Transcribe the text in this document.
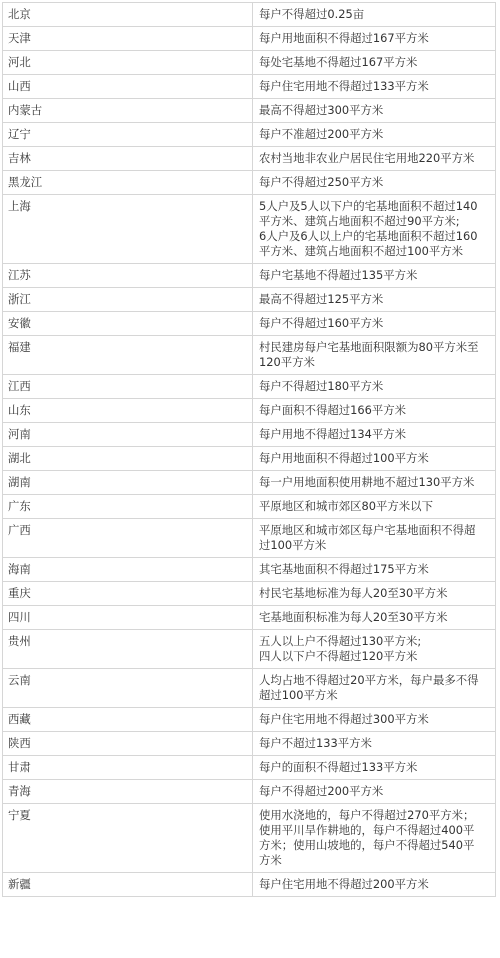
北京	每户不得超过0.25亩

天津	每户用地面积不得超过167平方米

河北	每处宅基地不得超过167平方米

山西	每户住宅用地不得超过133平方米

内蒙古	最高不得超过300平方米

辽宁	每户不准超过200平方米

吉林	农村当地非农业户居民住宅用地220平方米

黑龙江	每户不得超过250平方米

上海	5人户及5人以下户的宅基地面积不超过140
平方米、建筑占地面积不超过90平方米;
6人户及6人以上户的宅基地面积不超过160
平方米、建筑占地面积不超过100平方米

江苏	每户宅基地不得超过135平方米

浙江	最高不得超过125平方米

安徽	每户不得超过160平方米

福建	村民建房每户宅基地面积限额为80平方米至
120平方米

江西	每户不得超过180平方米

山东	每户面积不得超过166平方米

河南	每户用地不得超过134平方米

湖北	每户用地面积不得超过100平方米

湖南	每一户用地面积使用耕地不超过130平方米

广东	平原地区和城市郊区80平方米以下

广西	平原地区和城市郊区每户宅基地面积不得超
过100平方米

海南	其宅基地面积不得超过175平方米

重庆	村民宅基地标准为每人20至30平方米

四川	宅基地面积标准为每人20至30平方米

贵州	五人以上户不得超过130平方米;
四人以下户不得超过120平方米

云南	人均占地不得超过20平方米，每户最多不得
超过100平方米

西藏	每户住宅用地不得超过300平方米

陕西	每户不超过133平方米

甘肃	每户的面积不得超过133平方米

青海	每户不得超过200平方米

宁夏	使用水浇地的，每户不得超过270平方米；
使用平川旱作耕地的，每户不得超过400平
方米；使用山坡地的，每户不得超过540平
方米

新疆	每户住宅用地不得超过200平方米
